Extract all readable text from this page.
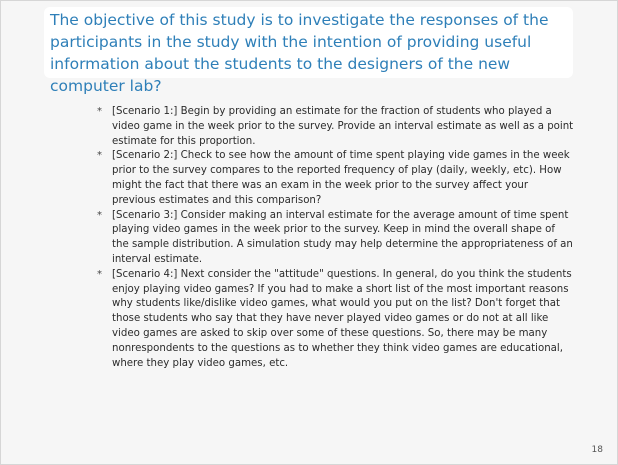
The objective of this study is to investigate the responses of the participants in the study with the intention of providing useful information about the students to the designers of the new computer lab?
* [Scenario 1:] Begin by providing an estimate for the fraction of students who played a video game in the week prior to the survey. Provide an interval estimate as well as a point estimate for this proportion.
* [Scenario 2:] Check to see how the amount of time spent playing vide games in the week prior to the survey compares to the reported frequency of play (daily, weekly, etc). How might the fact that there was an exam in the week prior to the survey affect your previous estimates and this comparison?
* [Scenario 3:] Consider making an interval estimate for the average amount of time spent playing video games in the week prior to the survey. Keep in mind the overall shape of the sample distribution. A simulation study may help determine the appropriateness of an interval estimate.
* [Scenario 4:] Next consider the "attitude" questions. In general, do you think the students enjoy playing video games? If you had to make a short list of the most important reasons why students like/dislike video games, what would you put on the list? Don't forget that those students who say that they have never played video games or do not at all like video games are asked to skip over some of these questions. So, there may be many nonrespondents to the questions as to whether they think video games are educational, where they play video games, etc.
18
